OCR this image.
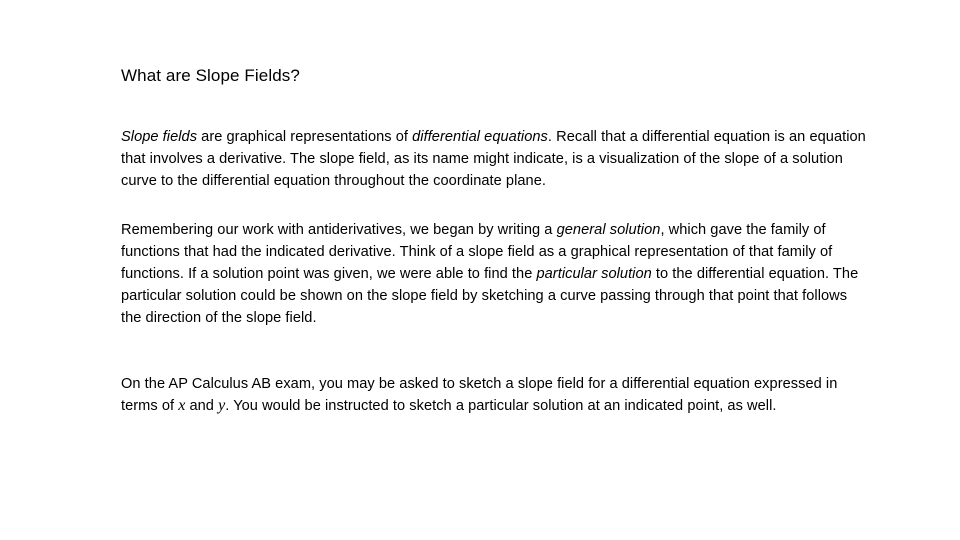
What are Slope Fields?

Slope fields are graphical representations of differential equations. Recall that a differential equation is an equation that involves a derivative. The slope field, as its name might indicate, is a visualization of the slope of a solution curve to the differential equation throughout the coordinate plane.

Remembering our work with antiderivatives, we began by writing a general solution, which gave the family of functions that had the indicated derivative. Think of a slope field as a graphical representation of that family of functions. If a solution point was given, we were able to find the particular solution to the differential equation. The particular solution could be shown on the slope field by sketching a curve passing through that point that follows the direction of the slope field.

On the AP Calculus AB exam, you may be asked to sketch a slope field for a differential equation expressed in terms of x and y. You would be instructed to sketch a particular solution at an indicated point, as well.
